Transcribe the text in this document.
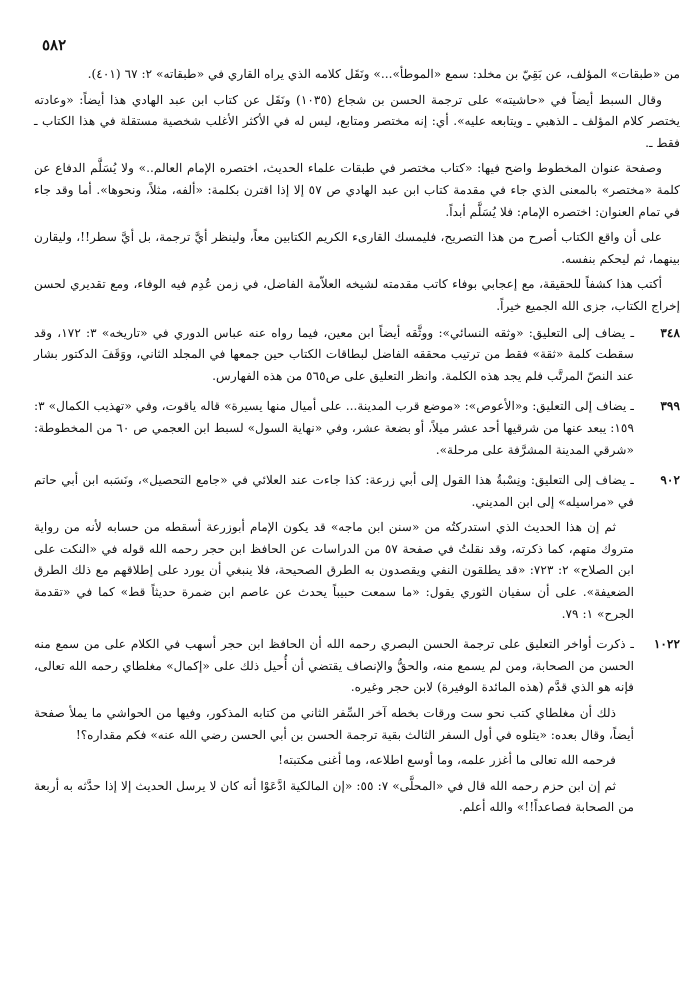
٥٨٢

من «طبقات» المؤلف، عن بَقِيّ بن مخلد: سمع «الموطأ»...» ونَقَل كلامه الذي يراه القاري في «طبقاته» ٢: ٦٧ (٤٠١).

وقال السبط أيضاً في «حاشيته» على ترجمة الحسن بن شجاع (١٠٣٥) ونَقَل عن كتاب ابن عبد الهادي هذا أيضاً: «وعادته يختصر كلام المؤلف ـ الذهبي ـ ويتابعه عليه». أي: إنه مختصر ومتابع، ليس له في الأكثر الأغلب شخصية مستقلة في هذا الكتاب ـ فقط ـ.

وصفحة عنوان المخطوط واضح فيها: «كتاب مختصر في طبقات علماء الحديث، اختصره الإمام العالم..» ولا يُسَلَّم الدفاع عن كلمة «مختصر» بالمعنى الذي جاء في مقدمة كتاب ابن عبد الهادي ص ٥٧ إلا إذا اقترن بكلمة: «ألفه، مثلاً، ونحوها». أما وقد جاء في تمام العنوان: اختصره الإمام: فلا يُسَلَّم أبداً.

على أن واقع الكتاب أصرح من هذا التصريح، فليمسك القارىء الكريم الكتابين معاً، ولينظر أيَّ ترجمة، بل أيَّ سطر!!، وليقارن بينهما، ثم ليحكم بنفسه.

أكتب هذا كشفاً للحقيقة، مع إعجابي بوفاء كاتب مقدمته لشيخه العلاّمة الفاضل، في زمن عُدِم فيه الوفاء، ومع تقديري لحسن إخراج الكتاب، جزى الله الجميع خيراً.

٣٤٨

ـ يضاف إلى التعليق: «وثقه النسائي»: ووثَّقه أيضاً ابن معين، فيما رواه عنه عباس الدوري في «تاريخه» ٣: ١٧٢، وقد سقطت كلمة «ثقة» فقط من ترتيب محققه الفاضل لبطاقات الكتاب حين جمعها في المجلد الثاني، ووَقَفَ الدكتور بشار عند النصّ المرتَّب فلم يجد هذه الكلمة. وانظر التعليق على ص٥٦٥ من هذه الفهارس.

٣٩٩

ـ يضاف إلى التعليق: و«الأعوص»: «موضع قرب المدينة... على أميال منها يسيرة» قاله ياقوت، وفي «تهذيب الكمال» ٣: ١٥٩: يبعد عنها من شرقيها أحد عشر ميلاً، أو بضعة عشر، وفي «نهاية السول» لسبط ابن العجمي ص ٦٠ من المخطوطة: «شرقي المدينة المشرَّفة على مرحلة».

٩٠٢

ـ يضاف إلى التعليق: ونِسْبةُ هذا القول إلى أبي زرعة: كذا جاءت عند العلائي في «جامع التحصيل»، ونَسَبه ابن أبي حاتم في «مراسيله» إلى ابن المديني.

ثم إن هذا الحديث الذي استدركتُه من «سنن ابن ماجه» قد يكون الإمام أبوزرعة أسقطه من حسابه لأنه من رواية متروك متهم، كما ذكرته، وقد نقلتُ في صفحة ٥٧ من الدراسات عن الحافظ ابن حجر رحمه الله قوله في «النكت على ابن الصلاح» ٢: ٧٢٣: «قد يطلقون النفي ويقصدون به الطرق الصحيحة، فلا ينبغي أن يورد على إطلاقهم مع ذلك الطرق الضعيفة». على أن سفيان الثوري يقول: «ما سمعت حبيباً يحدث عن عاصم ابن ضمرة حديثاً قط» كما في «تقدمة الجرح» ١: ٧٩.

١٠٢٢

ـ ذكرت أواخر التعليق على ترجمة الحسن البصري رحمه الله أن الحافظ ابن حجر أسهب في الكلام على من سمع منه الحسن من الصحابة، ومن لم يسمع منه، والحقُّ والإنصاف يقتضي أن أُحيل ذلك على «إكمال» مغلطاي رحمه الله تعالى، فإنه هو الذي قدَّم (هذه المائدة الوفيرة) لابن حجر وغيره.

ذلك أن مغلطاي كتب نحو ست ورقات بخطه آخر السِّفر الثاني من كتابه المذكور، وفيها من الحواشي ما يملأ صفحة أيضاً، وقال بعده: «يتلوه في أول السفر الثالث بقية ترجمة الحسن بن أبي الحسن رضي الله عنه» فكم مقداره؟!

فرحمه الله تعالى ما أغزر علمه، وما أوسع اطلاعه، وما أغنى مكتبته!

ثم إن ابن حزم رحمه الله قال في «المحلَّى» ٧: ٥٥: «إن المالكية ادَّعَوْا أنه كان لا يرسل الحديث إلا إذا حدَّثه به أربعة من الصحابة فصاعداً!!» والله أعلم.
